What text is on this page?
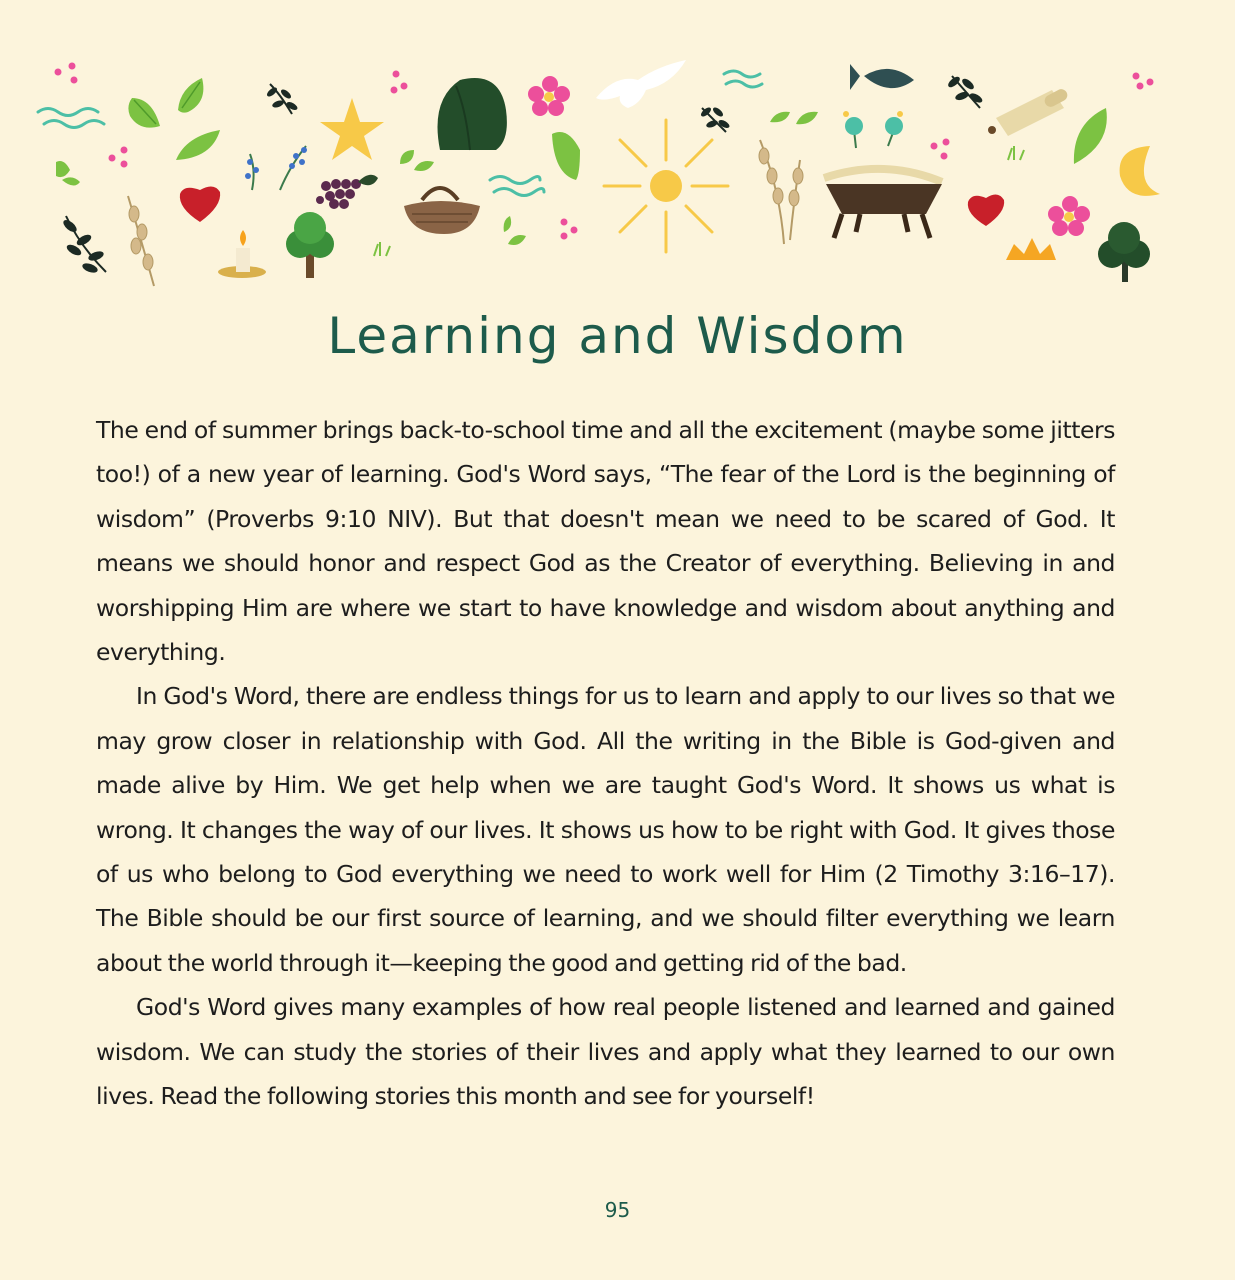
Learning and Wisdom

The end of summer brings back-to-school time and all the excitement (maybe some jitters too!) of a new year of learning. God's Word says, “The fear of the Lord is the beginning of wisdom” (Proverbs 9:10 NIV). But that doesn't mean we need to be scared of God. It means we should honor and respect God as the Creator of everything. Believing in and worshipping Him are where we start to have knowledge and wisdom about anything and everything.

In God's Word, there are endless things for us to learn and apply to our lives so that we may grow closer in relationship with God. All the writing in the Bible is God-given and made alive by Him. We get help when we are taught God's Word. It shows us what is wrong. It changes the way of our lives. It shows us how to be right with God. It gives those of us who belong to God everything we need to work well for Him (2 Timothy 3:16–17). The Bible should be our first source of learning, and we should filter everything we learn about the world through it—keeping the good and getting rid of the bad.

God's Word gives many examples of how real people listened and learned and gained wisdom. We can study the stories of their lives and apply what they learned to our own lives. Read the following stories this month and see for yourself!

95
